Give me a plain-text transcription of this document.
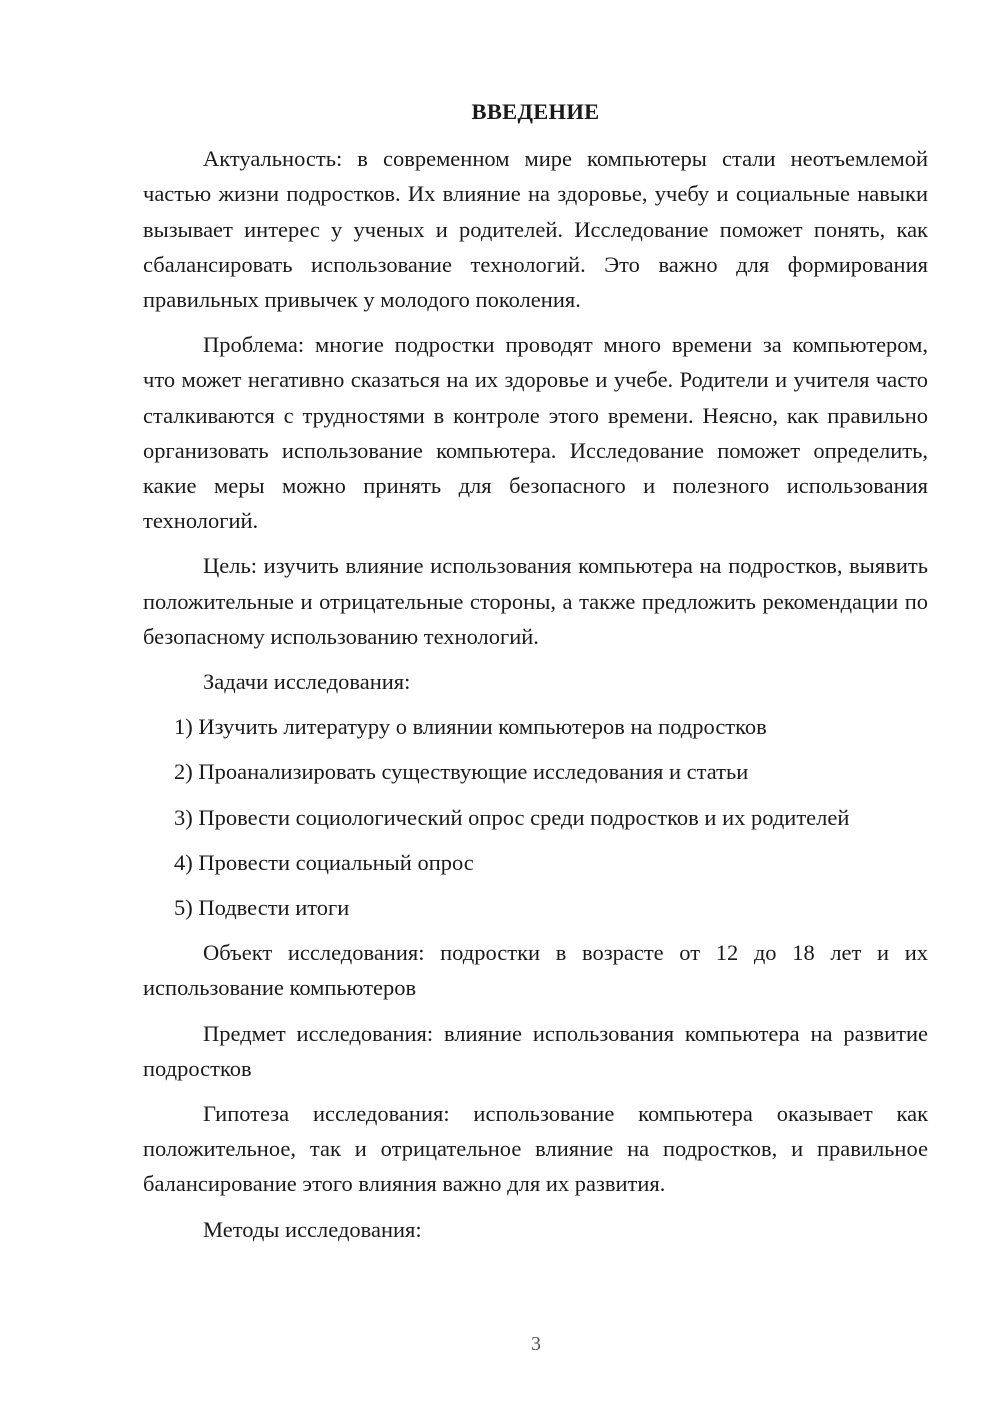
ВВЕДЕНИЕ

Актуальность: в современном мире компьютеры стали неотъемлемой частью жизни подростков. Их влияние на здоровье, учебу и социальные навыки вызывает интерес у ученых и родителей. Исследование поможет понять, как сбалансировать использование технологий. Это важно для формирования правильных привычек у молодого поколения.

Проблема: многие подростки проводят много времени за компьютером, что может негативно сказаться на их здоровье и учебе. Родители и учителя часто сталкиваются с трудностями в контроле этого времени. Неясно, как правильно организовать использование компьютера. Исследование поможет определить, какие меры можно принять для безопасного и полезного использования технологий.

Цель: изучить влияние использования компьютера на подростков, выявить положительные и отрицательные стороны, а также предложить рекомендации по безопасному использованию технологий.

Задачи исследования:

1) Изучить литературу о влиянии компьютеров на подростков
2) Проанализировать существующие исследования и статьи
3) Провести социологический опрос среди подростков и их родителей
4) Провести социальный опрос
5) Подвести итоги

Объект исследования: подростки в возрасте от 12 до 18 лет и их использование компьютеров

Предмет исследования: влияние использования компьютера на развитие подростков

Гипотеза исследования: использование компьютера оказывает как положительное, так и отрицательное влияние на подростков, и правильное балансирование этого влияния важно для их развития.

Методы исследования:

3
